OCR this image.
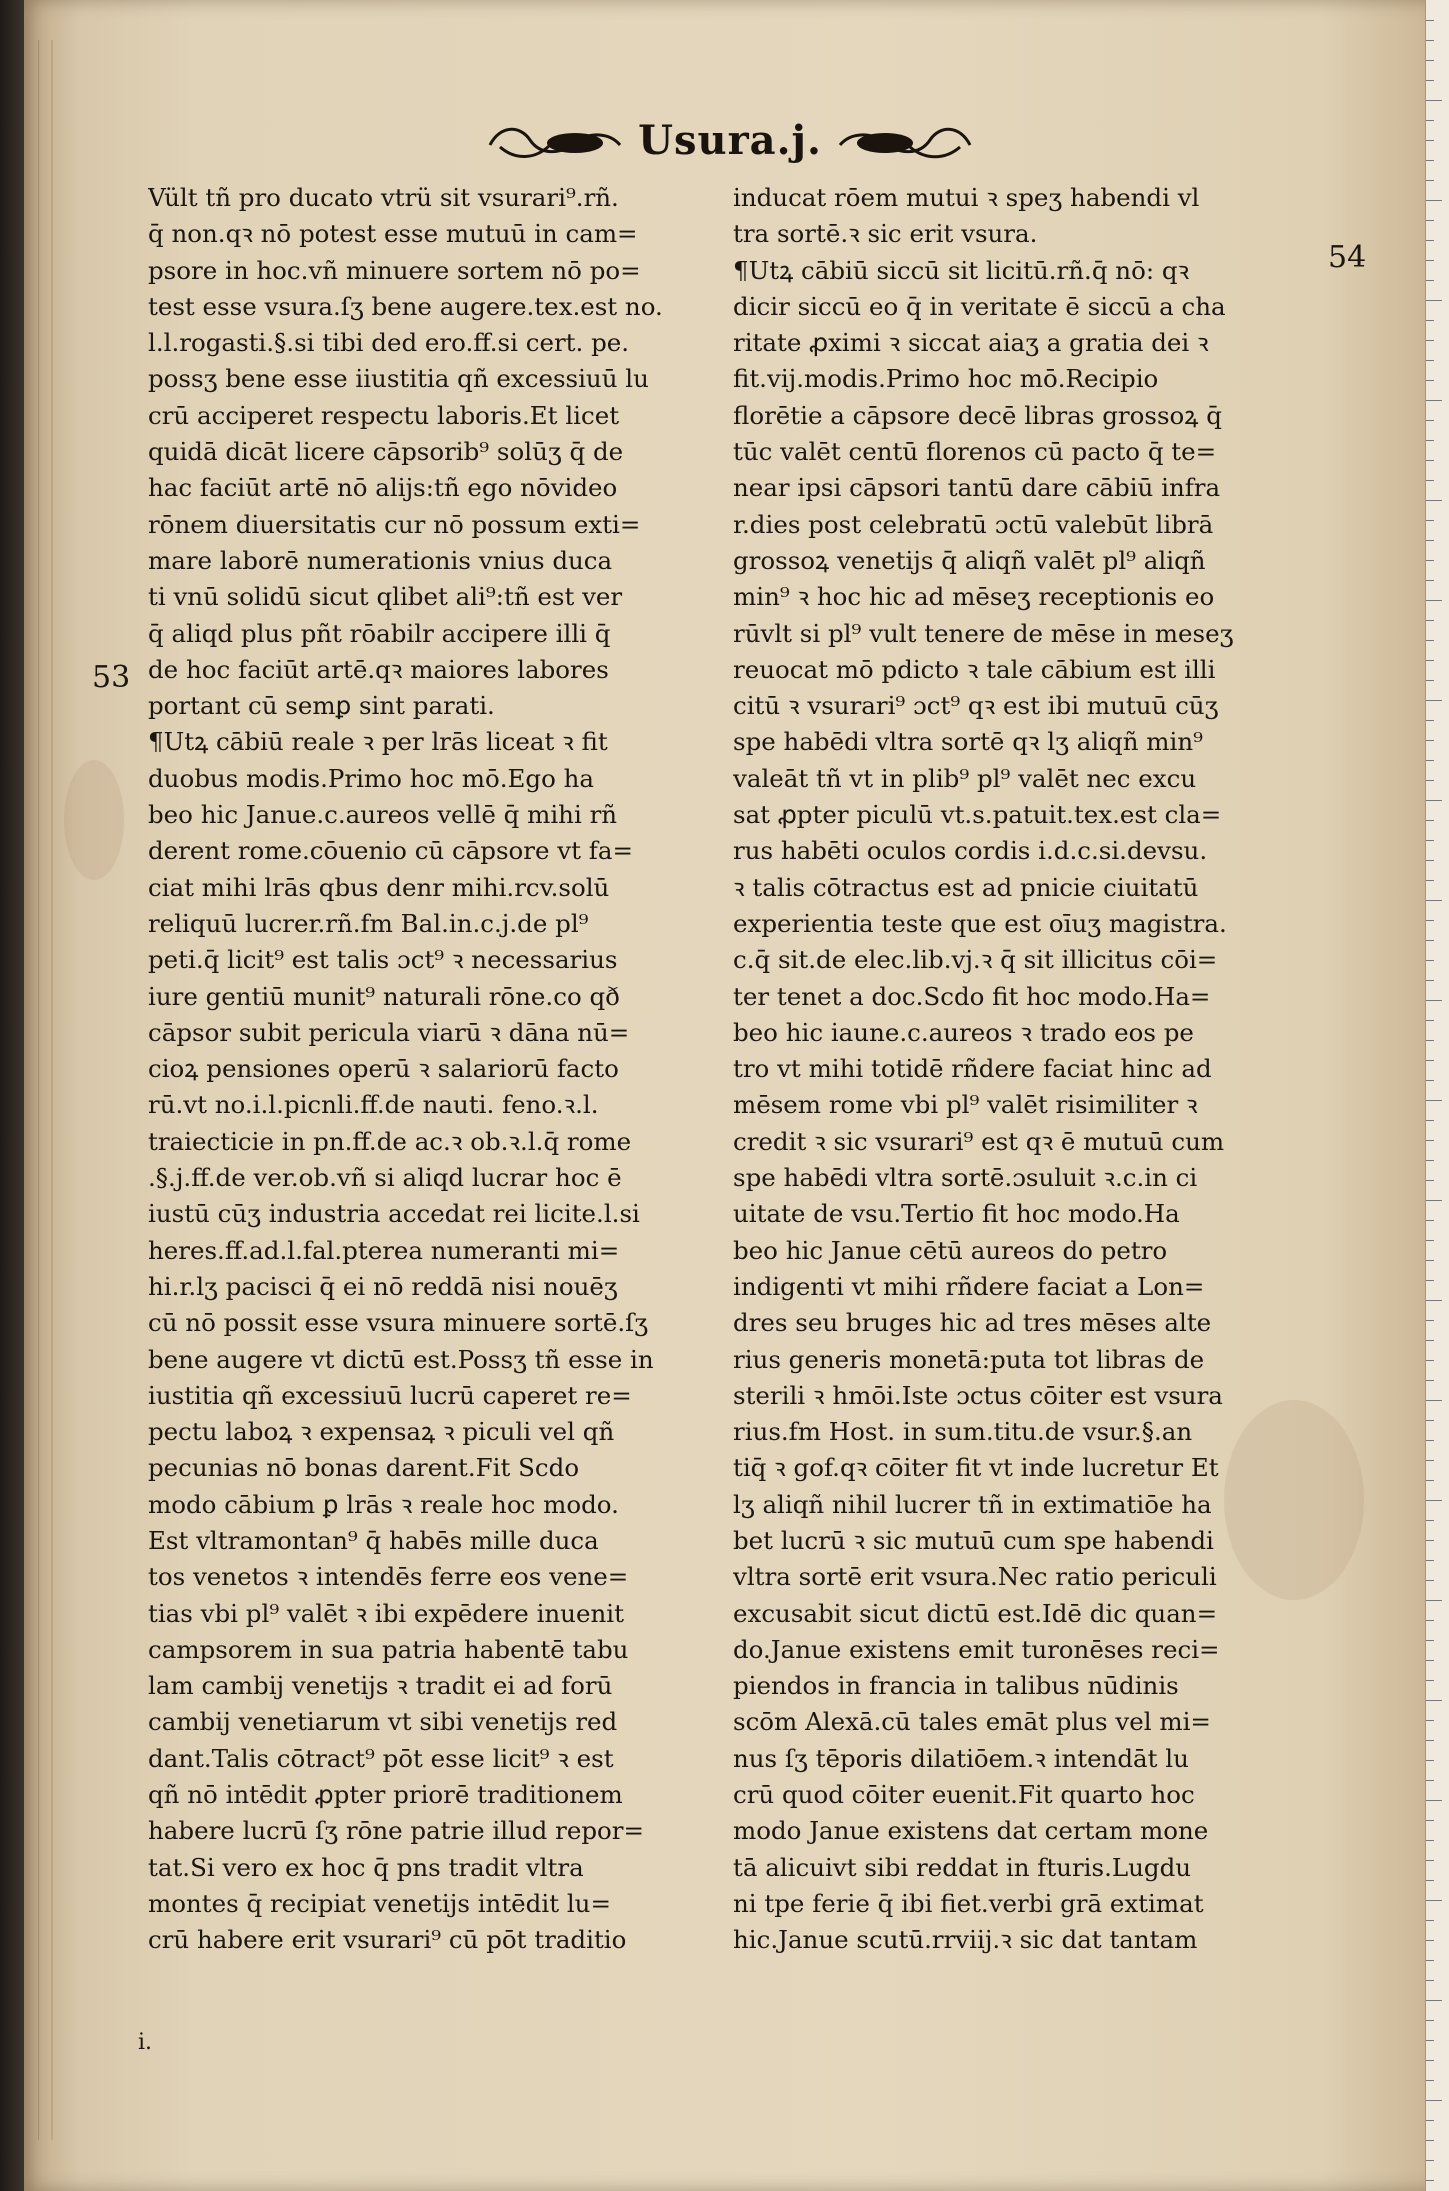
Usura.j.
Vült tñ pro ducato vtrü sit vsurari⁹.rñ.
q̄ non.qꝛ nō potest esse mutuū in cam=
psore in hoc.vñ minuere sortem nō po=
test esse vsura.ſʒ bene augere.tex.est no.
l.l.rogasti.§.si tibi ded ero.ff.si cert. pe.
possʒ bene esse iiustitia qñ excessiuū lu
crū acciperet respectu laboris.Et licet
quidā dicāt licere cāpsorib⁹ solūʒ q̄ de
hac faciūt artē nō alijs:tñ ego nōvideo
rōnem diuersitatis cur nō possum exti=
mare laborē numerationis vnius duca
ti vnū solidū sicut qlibet ali⁹:tñ est ver
q̄ aliqd plus pñt rōabilr accipere illi q̄
de hoc faciūt artē.qꝛ maiores labores
portant cū semꝑ sint parati.
¶Utꝝ cābiū reale ꝛ per lrās liceat ꝛ fit
duobus modis.Primo hoc mō.Ego ha
beo hic Janue.c.aureos vellē q̄ mihi rñ
derent rome.cōuenio cū cāpsore vt fa=
ciat mihi lrās qbus denr mihi.rcv.solū
reliquū lucrer.rñ.fm Bal.in.c.j.de pl⁹
peti.q̄ licit⁹ est talis ɔct⁹ ꝛ necessarius
iure gentiū munit⁹ naturali rōne.co qð
cāpsor subit pericula viarū ꝛ dāna nū=
cioꝝ pensiones operū ꝛ salariorū facto
rū.vt no.i.l.picnli.ff.de nauti. feno.ꝛ.l.
traiecticie in pn.ff.de ac.ꝛ ob.ꝛ.l.q̄ rome
.§.j.ff.de ver.ob.vñ si aliqd lucrar hoc ē
iustū cūʒ industria accedat rei licite.l.si
heres.ff.ad.l.fal.pterea numeranti mi=
hi.r.lʒ pacisci q̄ ei nō reddā nisi nouēʒ
cū nō possit esse vsura minuere sortē.ſʒ
bene augere vt dictū est.Possʒ tñ esse in
iustitia qñ excessiuū lucrū caperet re=
pectu laboꝝ ꝛ expensaꝝ ꝛ piculi vel qñ
pecunias nō bonas darent.Fit Scdo
modo cābium ꝑ lrās ꝛ reale hoc modo.
Est vltramontan⁹ q̄ habēs mille duca
tos venetos ꝛ intendēs ferre eos vene=
tias vbi pl⁹ valēt ꝛ ibi expēdere inuenit
campsorem in sua patria habentē tabu
lam cambij venetijs ꝛ tradit ei ad forū
cambij venetiarum vt sibi venetijs red
dant.Talis cōtract⁹ pōt esse licit⁹ ꝛ est
qñ nō intēdit ꝓpter priorē traditionem
habere lucrū ſʒ rōne patrie illud repor=
tat.Si vero ex hoc q̄ pns tradit vltra
montes q̄ recipiat venetijs intēdit lu=
crū habere erit vsurari⁹ cū pōt traditio
inducat rōem mutui ꝛ speʒ habendi vl
tra sortē.ꝛ sic erit vsura.
¶Utꝝ cābiū siccū sit licitū.rñ.q̄ nō: qꝛ
dicir siccū eo q̄ in veritate ē siccū a cha
ritate ꝓximi ꝛ siccat aiaʒ a gratia dei ꝛ
fit.vij.modis.Primo hoc mō.Recipio
florētie a cāpsore decē libras grossoꝝ q̄
tūc valēt centū florenos cū pacto q̄ te=
near ipsi cāpsori tantū dare cābiū infra
r.dies post celebratū ɔctū valebūt librā
grossoꝝ venetijs q̄ aliqñ valēt pl⁹ aliqñ
min⁹ ꝛ hoc hic ad mēseʒ receptionis eo
rūvlt si pl⁹ vult tenere de mēse in meseʒ
reuocat mō pdicto ꝛ tale cābium est illi
citū ꝛ vsurari⁹ ɔct⁹ qꝛ est ibi mutuū cūʒ
spe habēdi vltra sortē qꝛ lʒ aliqñ min⁹
valeāt tñ vt in plib⁹ pl⁹ valēt nec excu
sat ꝓpter piculū vt.s.patuit.tex.est cla=
rus habēti oculos cordis i.d.c.si.devsu.
ꝛ talis cōtractus est ad pnicie ciuitatū
experientia teste que est oīuʒ magistra.
c.q̄ sit.de elec.lib.vj.ꝛ q̄ sit illicitus cōi=
ter tenet a doc.Scdo fit hoc modo.Ha=
beo hic iaune.c.aureos ꝛ trado eos pe
tro vt mihi totidē rñdere faciat hinc ad
mēsem rome vbi pl⁹ valēt risimiliter ꝛ
credit ꝛ sic vsurari⁹ est qꝛ ē mutuū cum
spe habēdi vltra sortē.ɔsuluit ꝛ.c.in ci
uitate de vsu.Tertio fit hoc modo.Ha
beo hic Janue cētū aureos do petro
indigenti vt mihi rñdere faciat a Lon=
dres seu bruges hic ad tres mēses alte
rius generis monetā:puta tot libras de
sterili ꝛ hmōi.Iste ɔctus cōiter est vsura
rius.fm Host. in sum.titu.de vsur.§.an
tiq̄ ꝛ gof.qꝛ cōiter fit vt inde lucretur Et
lʒ aliqñ nihil lucrer tñ in extimatiōe ha
bet lucrū ꝛ sic mutuū cum spe habendi
vltra sortē erit vsura.Nec ratio periculi
excusabit sicut dictū est.Idē dic quan=
do.Janue existens emit turonēses reci=
piendos in francia in talibus nūdinis
scōm Alexā.cū tales emāt plus vel mi=
nus ſʒ tēporis dilatiōem.ꝛ intendāt lu
crū quod cōiter euenit.Fit quarto hoc
modo Janue existens dat certam mone
tā alicuivt sibi reddat in fturis.Lugdu
ni tpe ferie q̄ ibi fiet.verbi grā extimat
hic.Janue scutū.rrviij.ꝛ sic dat tantam
54
53
i.
